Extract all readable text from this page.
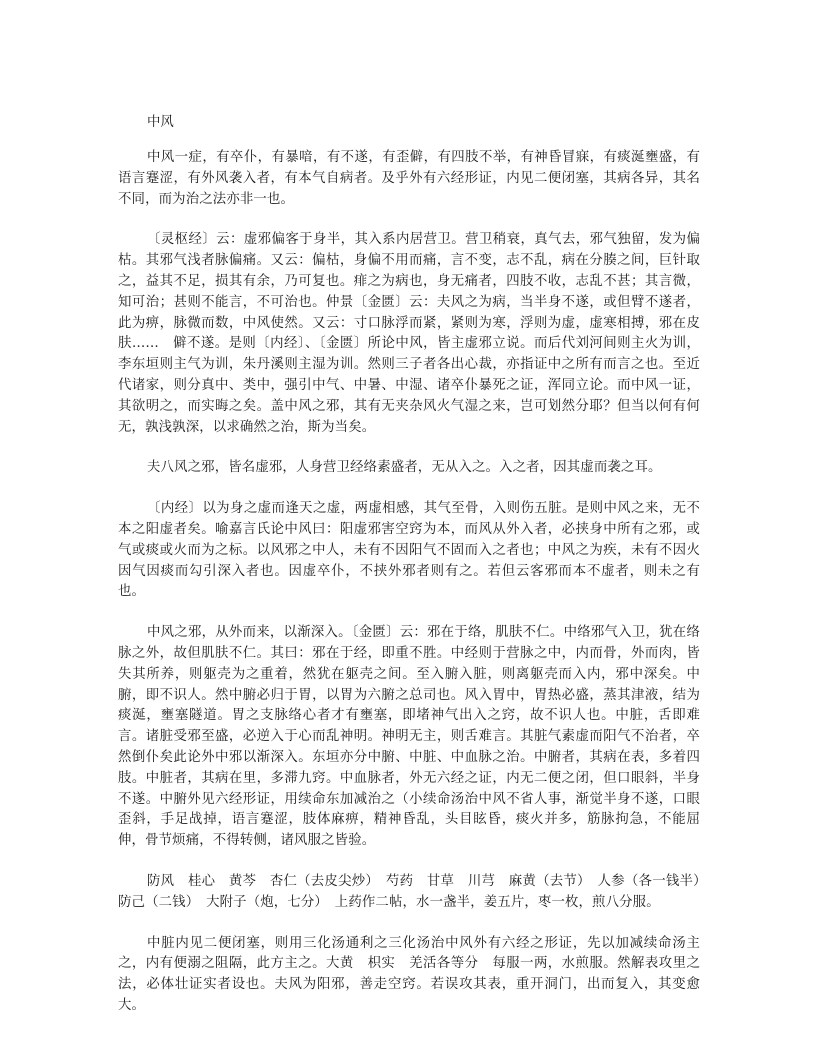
中风

中风一症，有卒仆，有暴喑，有不遂，有歪僻，有四肢不举，有神昏冒寐，有痰涎壅盛，有语言蹇涩，有外风袭入者，有本气自病者。及乎外有六经形证，内见二便闭塞，其病各异，其名不同，而为治之法亦非一也。

〔灵枢经〕云：虚邪偏客于身半，其入系内居营卫。营卫稍衰，真气去，邪气独留，发为偏枯。其邪气浅者脉偏痛。又云：偏枯，身偏不用而痛，言不变，志不乱，病在分腠之间，巨针取之，益其不足，损其有余，乃可复也。痱之为病也，身无痛者，四肢不收，志乱不甚；其言微，知可治；甚则不能言，不可治也。仲景〔金匮〕云：夫风之为病，当半身不遂，或但臂不遂者，此为痹，脉微而数，中风使然。又云：寸口脉浮而紧，紧则为寒，浮则为虚，虚寒相搏，邪在皮肤……　僻不遂。是则〔内经〕、〔金匮〕所论中风，皆主虚邪立说。而后代刘河间则主火为训，李东垣则主气为训，朱丹溪则主湿为训。然则三子者各出心裁，亦指证中之所有而言之也。至近代诸家，则分真中、类中，强引中气、中暑、中湿、诸卒仆暴死之证，浑同立论。而中风一证，其欲明之，而实晦之矣。盖中风之邪，其有无夹杂风火气湿之来，岂可划然分耶？但当以何有何无，孰浅孰深，以求确然之治，斯为当矣。

夫八风之邪，皆名虚邪，人身营卫经络素盛者，无从入之。入之者，因其虚而袭之耳。

〔内经〕以为身之虚而逢天之虚，两虚相感，其气至骨，入则伤五脏。是则中风之来，无不本之阳虚者矣。喻嘉言氏论中风曰：阳虚邪害空窍为本，而风从外入者，必挟身中所有之邪，或气或痰或火而为之标。以风邪之中人，未有不因阳气不固而入之者也；中风之为疾，未有不因火因气因痰而勾引深入者也。因虚卒仆，不挟外邪者则有之。若但云客邪而本不虚者，则未之有也。

中风之邪，从外而来，以渐深入。〔金匮〕云：邪在于络，肌肤不仁。中络邪气入卫，犹在络脉之外，故但肌肤不仁。其曰：邪在于经，即重不胜。中经则于营脉之中，内而骨，外而肉，皆失其所养，则躯壳为之重着，然犹在躯壳之间。至入腑入脏，则离躯壳而入内，邪中深矣。中腑，即不识人。然中腑必归于胃，以胃为六腑之总司也。风入胃中，胃热必盛，蒸其津液，结为痰涎，壅塞隧道。胃之支脉络心者才有壅塞，即堵神气出入之窍，故不识人也。中脏，舌即难言。诸脏受邪至盛，必逆入于心而乱神明。神明无主，则舌难言。其脏气素虚而阳气不治者，卒然倒仆矣此论外中邪以渐深入。东垣亦分中腑、中脏、中血脉之治。中腑者，其病在表，多着四肢。中脏者，其病在里，多滞九窍。中血脉者，外无六经之证，内无二便之闭，但口眼斜，半身不遂。中腑外见六经形证，用续命东加减治之（小续命汤治中风不省人事，渐觉半身不遂，口眼歪斜，手足战掉，语言蹇涩，肢体麻痹，精神昏乱，头目眩昏，痰火并多，筋脉拘急，不能屈伸，骨节烦痛，不得转侧，诸风服之皆验。

防风　桂心　黄芩　杏仁（去皮尖炒）　芍药　甘草　川芎　麻黄（去节）　人参（各一钱半）　防己（二钱）　大附子（炮，七分）　上药作二帖，水一盏半，姜五片，枣一枚，煎八分服。

中脏内见二便闭塞，则用三化汤通利之三化汤治中风外有六经之形证，先以加减续命汤主之，内有便溺之阻隔，此方主之。大黄　枳实　羌活各等分　每服一两，水煎服。然解表攻里之法，必体壮证实者设也。夫风为阳邪，善走空窍。若误攻其表，重开洞门，出而复入，其变愈大。
